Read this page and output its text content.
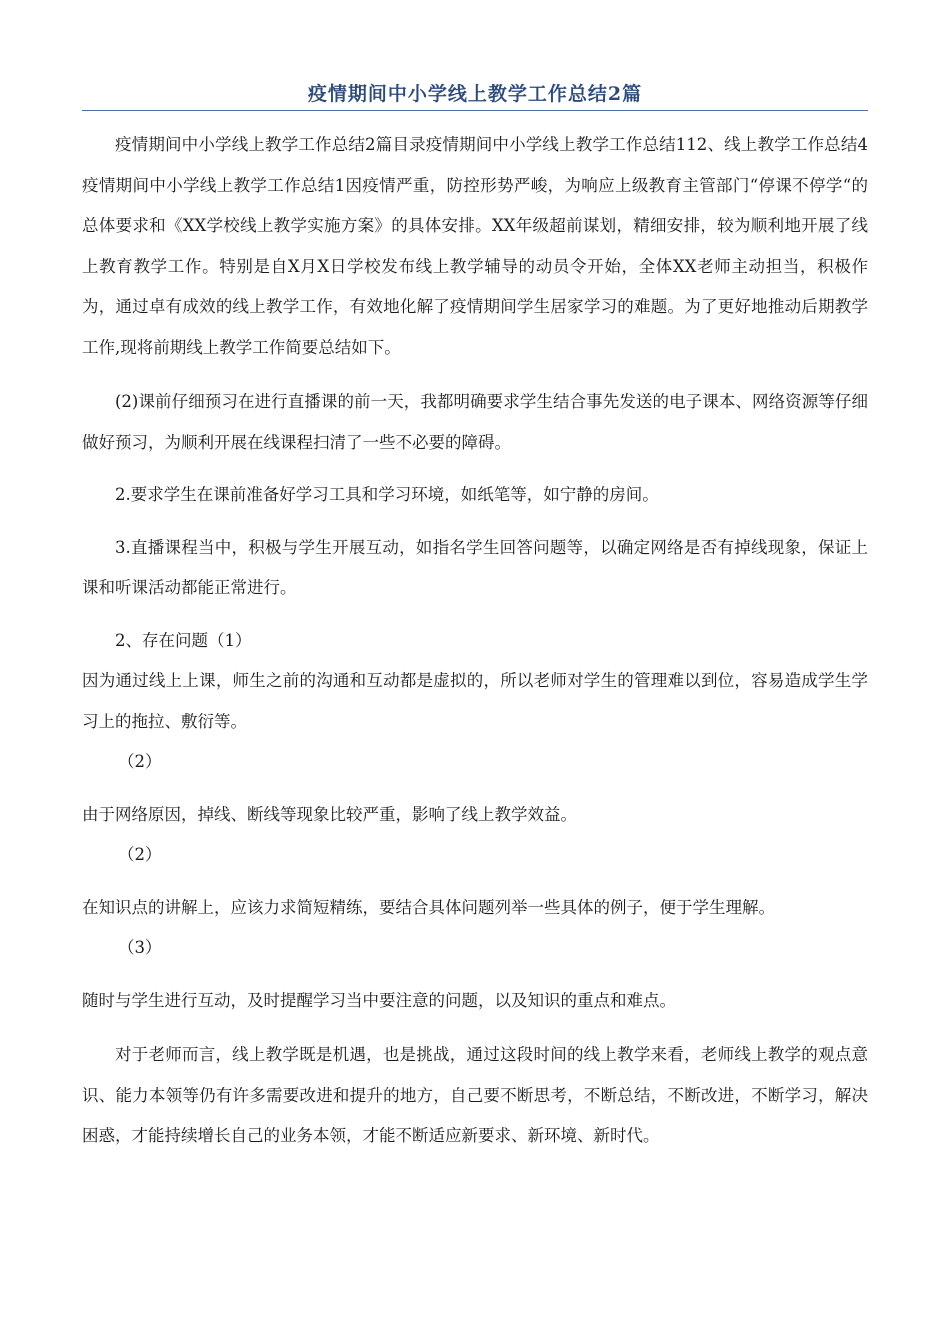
疫情期间中小学线上教学工作总结2篇

疫情期间中小学线上教学工作总结2篇目录疫情期间中小学线上教学工作总结112、线上教学工作总结4疫情期间中小学线上教学工作总结1因疫情严重，防控形势严峻，为响应上级教育主管部门“停课不停学“的总体要求和《XX学校线上教学实施方案》的具体安排。XX年级超前谋划，精细安排，较为顺利地开展了线上教育教学工作。特别是自X月X日学校发布线上教学辅导的动员令开始，全体XX老师主动担当，积极作为，通过卓有成效的线上教学工作，有效地化解了疫情期间学生居家学习的难题。为了更好地推动后期教学工作,现将前期线上教学工作简要总结如下。

(2)课前仔细预习在进行直播课的前一天，我都明确要求学生结合事先发送的电子课本、网络资源等仔细做好预习，为顺利开展在线课程扫清了一些不必要的障碍。

2.要求学生在课前准备好学习工具和学习环境，如纸笔等，如宁静的房间。

3.直播课程当中，积极与学生开展互动，如指名学生回答问题等，以确定网络是否有掉线现象，保证上课和听课活动都能正常进行。

2、存在问题（1）

因为通过线上上课，师生之前的沟通和互动都是虚拟的，所以老师对学生的管理难以到位，容易造成学生学习上的拖拉、敷衍等。

（2）

由于网络原因，掉线、断线等现象比较严重，影响了线上教学效益。

（2）

在知识点的讲解上，应该力求简短精练，要结合具体问题列举一些具体的例子，便于学生理解。

（3）

随时与学生进行互动，及时提醒学习当中要注意的问题，以及知识的重点和难点。

对于老师而言，线上教学既是机遇，也是挑战，通过这段时间的线上教学来看，老师线上教学的观点意识、能力本领等仍有许多需要改进和提升的地方，自己要不断思考，不断总结，不断改进，不断学习，解决困惑，才能持续增长自己的业务本领，才能不断适应新要求、新环境、新时代。
